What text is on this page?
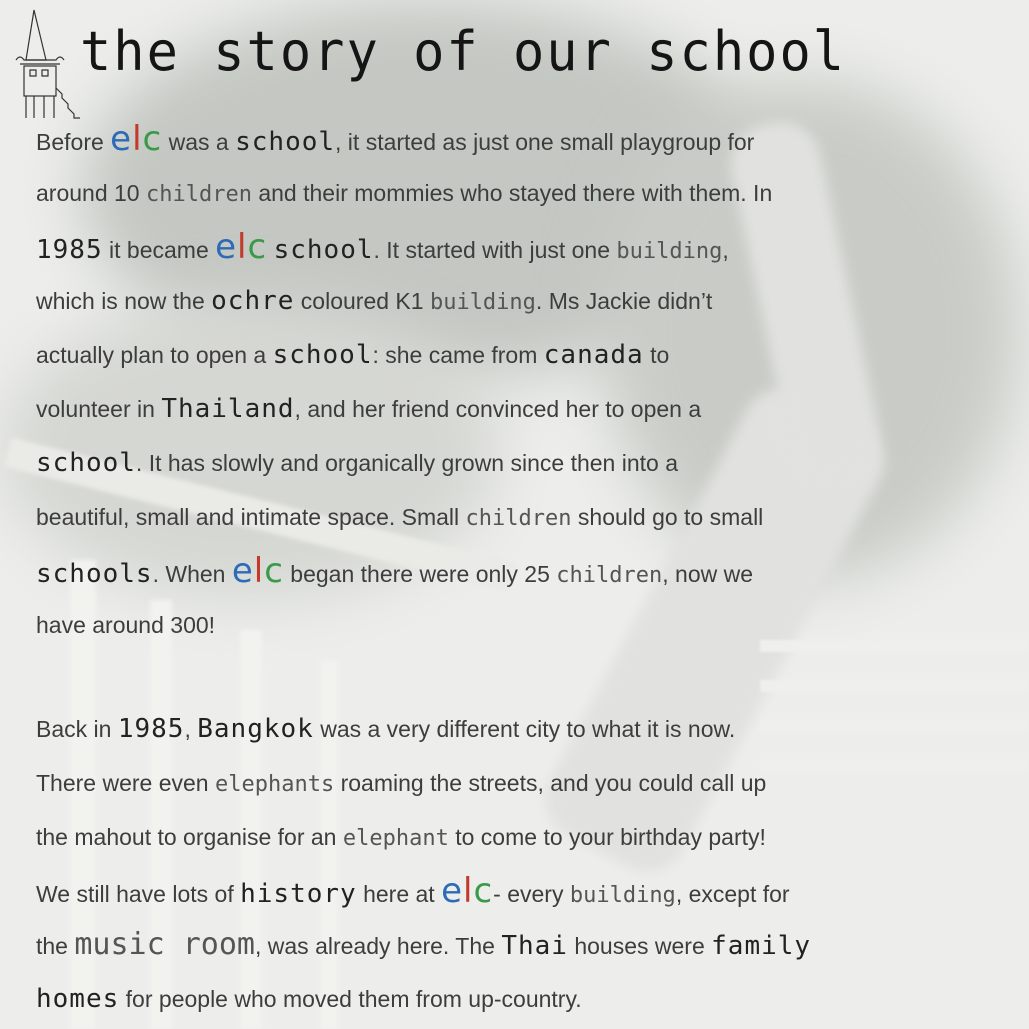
the story of our school
Before elc was a school, it started as just one small playgroup for
around 10 children and their mommies who stayed there with them. In
1985 it became elc school. It started with just one building,
which is now the ochre coloured K1 building. Ms Jackie didn’t
actually plan to open a school: she came from canada to
volunteer in Thailand, and her friend convinced her to open a
school. It has slowly and organically grown since then into a
beautiful, small and intimate space. Small children should go to small
schools. When elc began there were only 25 children, now we
have around 300!
Back in 1985, Bangkok was a very different city to what it is now.
There were even elephants roaming the streets, and you could call up
the mahout to organise for an elephant to come to your birthday party!
We still have lots of history here at elc- every building, except for
the music room, was already here. The Thai houses were family
homes for people who moved them from up-country.
